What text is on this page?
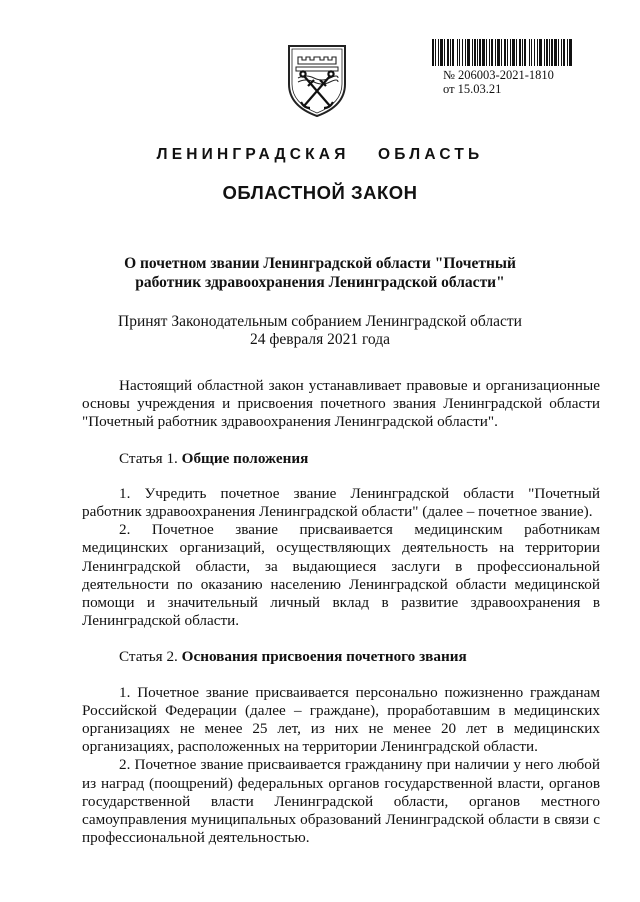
№ 206003-2021-1810
от 15.03.21
ЛЕНИНГРАДСКАЯ ОБЛАСТЬ
ОБЛАСТНОЙ ЗАКОН
О почетном звании Ленинградской области "Почетный
работник здравоохранения Ленинградской области"
Принят Законодательным собранием Ленинградской области
24 февраля 2021 года

Настоящий областной закон устанавливает правовые и организационные основы учреждения и присвоения почетного звания Ленинградской области "Почетный работник здравоохранения Ленинградской области".

Статья 1. Общие положения

1. Учредить почетное звание Ленинградской области "Почетный работник здравоохранения Ленинградской области" (далее – почетное звание).

2. Почетное звание присваивается медицинским работникам медицинских организаций, осуществляющих деятельность на территории Ленинградской области, за выдающиеся заслуги в профессиональной деятельности по оказанию населению Ленинградской области медицинской помощи и значительный личный вклад в развитие здравоохранения в Ленинградской области.

Статья 2. Основания присвоения почетного звания

1. Почетное звание присваивается персонально пожизненно гражданам Российской Федерации (далее – граждане), проработавшим в медицинских организациях не менее 25 лет, из них не менее 20 лет в медицинских организациях, расположенных на территории Ленинградской области.

2. Почетное звание присваивается гражданину при наличии у него любой из наград (поощрений) федеральных органов государственной власти, органов государственной власти Ленинградской области, органов местного самоуправления муниципальных образований Ленинградской области в связи с профессиональной деятельностью.
